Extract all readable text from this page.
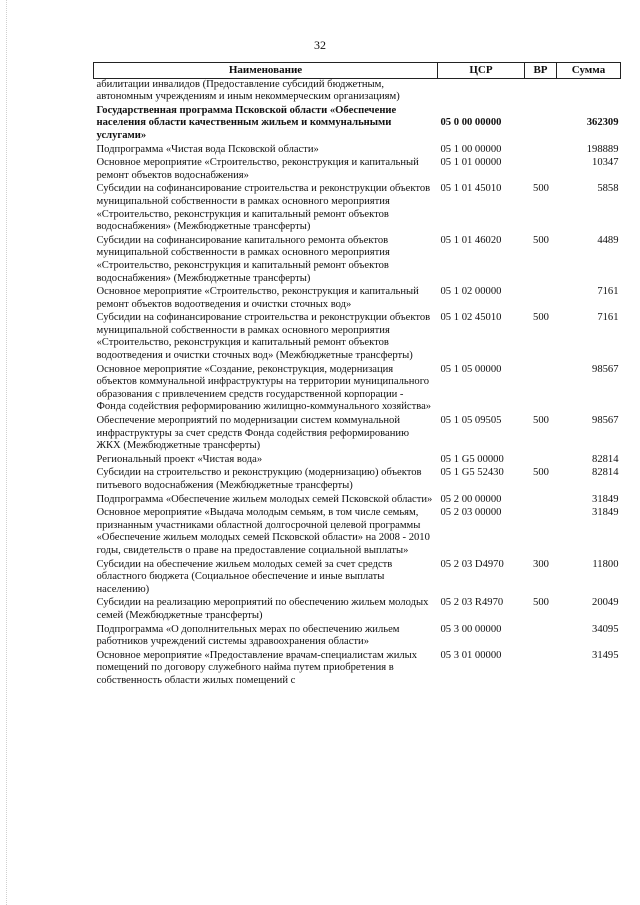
32
Наименование	ЦСР	ВР	Сумма
абилитации инвалидов (Предоставление субсидий бюджетным, автономным учреждениям и иным некоммерческим организациям)			
Государственная программа Псковской области «Обеспечение населения области качественным жильем и коммунальными услугами»	05 0 00 00000		362309
Подпрограмма «Чистая вода Псковской области»	05 1 00 00000		198889
Основное мероприятие «Строительство, реконструкция и капитальный ремонт объектов водоснабжения»	05 1 01 00000		10347
Субсидии на софинансирование строительства и реконструкции объектов муниципальной собственности в рамках основного мероприятия «Строительство, реконструкция и капитальный ремонт объектов водоснабжения» (Межбюджетные трансферты)	05 1 01 45010	500	5858
Субсидии на софинансирование капитального ремонта объектов муниципальной собственности в рамках основного мероприятия «Строительство, реконструкция и капитальный ремонт объектов водоснабжения» (Межбюджетные трансферты)	05 1 01 46020	500	4489
Основное мероприятие «Строительство, реконструкция и капитальный ремонт объектов водоотведения и очистки сточных вод»	05 1 02 00000		7161
Субсидии на софинансирование строительства и реконструкции объектов муниципальной собственности в рамках основного мероприятия «Строительство, реконструкция и капитальный ремонт объектов водоотведения и очистки сточных вод» (Межбюджетные трансферты)	05 1 02 45010	500	7161
Основное мероприятие «Создание, реконструкция, модернизация объектов коммунальной инфраструктуры на территории муниципального образования с привлечением средств государственной корпорации - Фонда содействия реформированию жилищно-коммунального хозяйства»	05 1 05 00000		98567
Обеспечение мероприятий по модернизации систем коммунальной инфраструктуры за счет средств Фонда содействия реформированию ЖКХ (Межбюджетные трансферты)	05 1 05 09505	500	98567
Региональный проект «Чистая вода»	05 1 G5 00000		82814
Субсидии на строительство и реконструкцию (модернизацию) объектов питьевого водоснабжения (Межбюджетные трансферты)	05 1 G5 52430	500	82814
Подпрограмма «Обеспечение жильем молодых семей Псковской области»	05 2 00 00000		31849
Основное мероприятие «Выдача молодым семьям, в том числе семьям, признанным участниками областной долгосрочной целевой программы «Обеспечение жильем молодых семей Псковской области» на 2008 - 2010 годы, свидетельств о праве на предоставление социальной выплаты»	05 2 03 00000		31849
Субсидии на обеспечение жильем молодых семей за счет средств областного бюджета (Социальное обеспечение и иные выплаты населению)	05 2 03 D4970	300	11800
Субсидии на реализацию мероприятий по обеспечению жильем молодых семей (Межбюджетные трансферты)	05 2 03 R4970	500	20049
Подпрограмма «О дополнительных мерах по обеспечению жильем работников учреждений системы здравоохранения области»	05 3 00 00000		34095
Основное мероприятие «Предоставление врачам-специалистам жилых помещений по договору служебного найма путем приобретения в собственность области жилых помещений с	05 3 01 00000		31495
